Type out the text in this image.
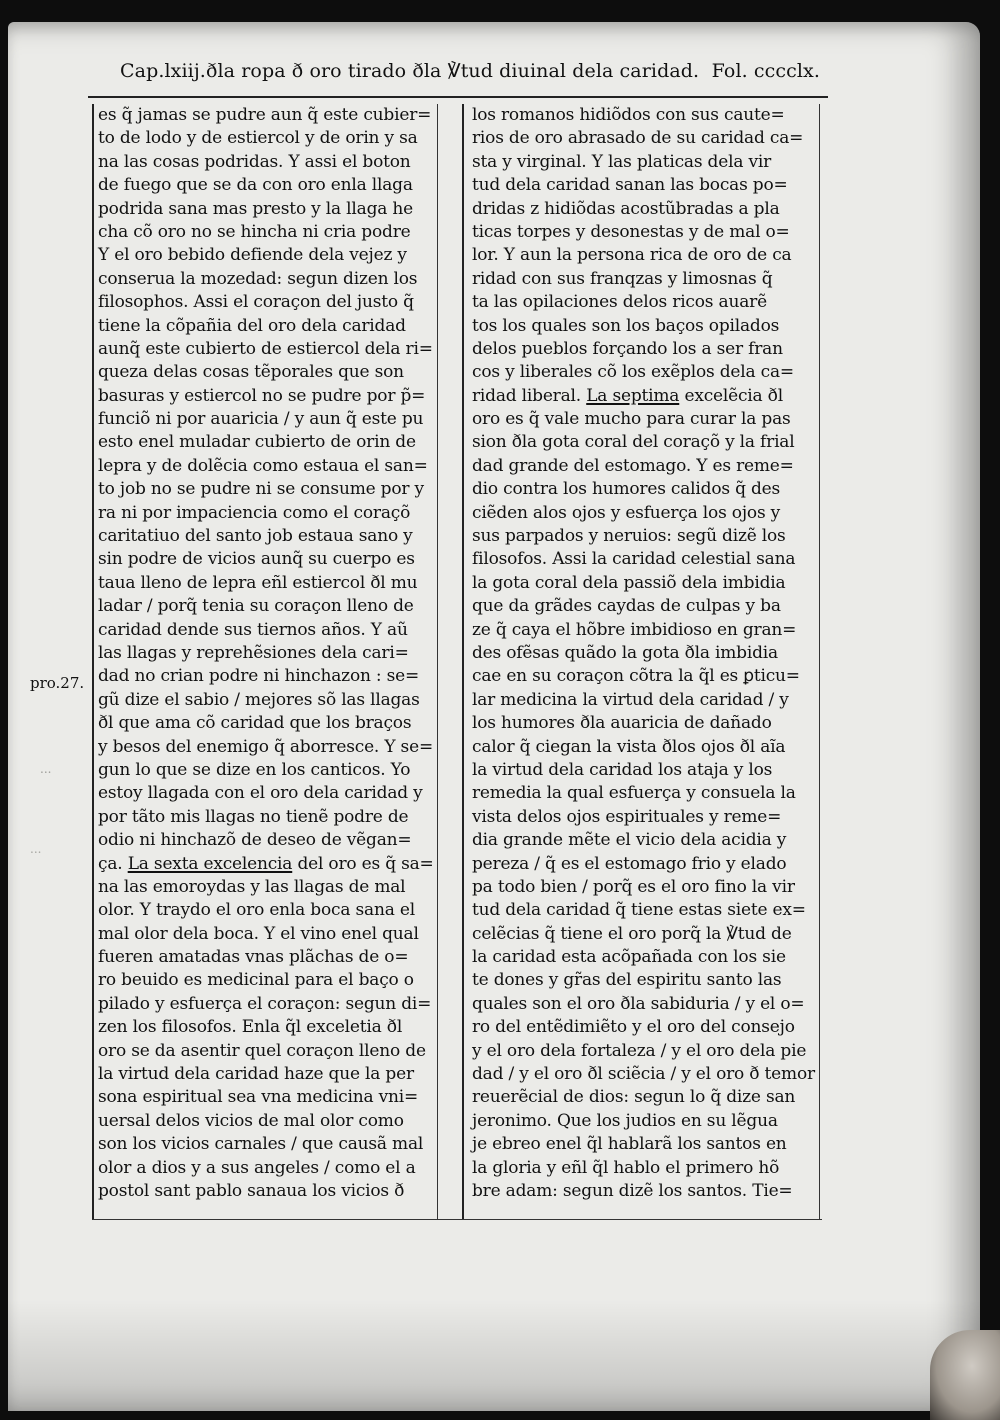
Cap.lxiij.ðla ropa ð oro tirado ðla ℣tud diuinal dela caridad. Fol. cccclx.
pro.27.
...
...
es q̃ jamas se pudre aun q̃ este cubier=
to de lodo y de estiercol y de orin y sa
na las cosas podridas. Y assi el boton
de fuego que se da con oro enla llaga
podrida sana mas presto y la llaga he
cha cõ oro no se hincha ni cria podre
Y el oro bebido defiende dela vejez y
conserua la mozedad: segun dizen los
filosophos. Assi el coraçon del justo q̃
tiene la cõpañia del oro dela caridad
aunq̃ este cubierto de estiercol dela ri=
queza delas cosas tẽporales que son
basuras y estiercol no se pudre por p̃=
funciõ ni por auaricia / y aun q̃ este pu
esto enel muladar cubierto de orin de
lepra y de dolẽcia como estaua el san=
to job no se pudre ni se consume por y
ra ni por impaciencia como el coraçõ
caritatiuo del santo job estaua sano y
sin podre de vicios aunq̃ su cuerpo es
taua lleno de lepra eñl estiercol ðl mu
ladar / porq̃ tenia su coraçon lleno de
caridad dende sus tiernos años. Y aũ
las llagas y reprehẽsiones dela cari=
dad no crian podre ni hinchazon : se=
gũ dize el sabio / mejores sõ las llagas
ðl que ama cõ caridad que los braços
y besos del enemigo q̃ aborresce. Y se=
gun lo que se dize en los canticos. Yo
estoy llagada con el oro dela caridad y
por tãto mis llagas no tienẽ podre de
odio ni hinchazõ de deseo de vẽgan=
ça. La sexta excelencia del oro es q̃ sa=
na las emoroydas y las llagas de mal
olor. Y traydo el oro enla boca sana el
mal olor dela boca. Y el vino enel qual
fueren amatadas vnas plãchas de o=
ro beuido es medicinal para el baço o
pilado y esfuerça el coraçon: segun di=
zen los filosofos. Enla q̃l exceletia ðl
oro se da asentir quel coraçon lleno de
la virtud dela caridad haze que la per
sona espiritual sea vna medicina vni=
uersal delos vicios de mal olor como
son los vicios carnales / que causã mal
olor a dios y a sus angeles / como el a
postol sant pablo sanaua los vicios ð
los romanos hidiõdos con sus caute=
rios de oro abrasado de su caridad ca=
sta y virginal. Y las platicas dela vir
tud dela caridad sanan las bocas po=
dridas z hidiõdas acostũbradas a pla
ticas torpes y desonestas y de mal o=
lor. Y aun la persona rica de oro de ca
ridad con sus franqzas y limosnas q̃
ta las opilaciones delos ricos auarẽ
tos los quales son los baços opilados
delos pueblos forçando los a ser fran
cos y liberales cõ los exẽplos dela ca=
ridad liberal. La septima excelẽcia ðl
oro es q̃ vale mucho para curar la pas
sion ðla gota coral del coraçõ y la frial
dad grande del estomago. Y es reme=
dio contra los humores calidos q̃ des
ciẽden alos ojos y esfuerça los ojos y
sus parpados y neruios: segũ dizẽ los
filosofos. Assi la caridad celestial sana
la gota coral dela passiõ dela imbidia
que da grãdes caydas de culpas y ba
ze q̃ caya el hõbre imbidioso en gran=
des ofẽsas quãdo la gota ðla imbidia
cae en su coraçon cõtra la q̃l es ꝑticu=
lar medicina la virtud dela caridad / y
los humores ðla auaricia de dañado
calor q̃ ciegan la vista ðlos ojos ðl aĩa
la virtud dela caridad los ataja y los
remedia la qual esfuerça y consuela la
vista delos ojos espirituales y reme=
dia grande mẽte el vicio dela acidia y
pereza / q̃ es el estomago frio y elado
pa todo bien / porq̃ es el oro fino la vir
tud dela caridad q̃ tiene estas siete ex=
celẽcias q̃ tiene el oro porq̃ la ℣tud de
la caridad esta acõpañada con los sie
te dones y gr̃as del espiritu santo las
quales son el oro ðla sabiduria / y el o=
ro del entẽdimiẽto y el oro del consejo
y el oro dela fortaleza / y el oro dela pie
dad / y el oro ðl sciẽcia / y el oro ð temor
reuerẽcial de dios: segun lo q̃ dize san
jeronimo. Que los judios en su lẽgua
je ebreo enel q̃l hablarã los santos en
la gloria y eñl q̃l hablo el primero hõ
bre adam: segun dizẽ los santos. Tie=
